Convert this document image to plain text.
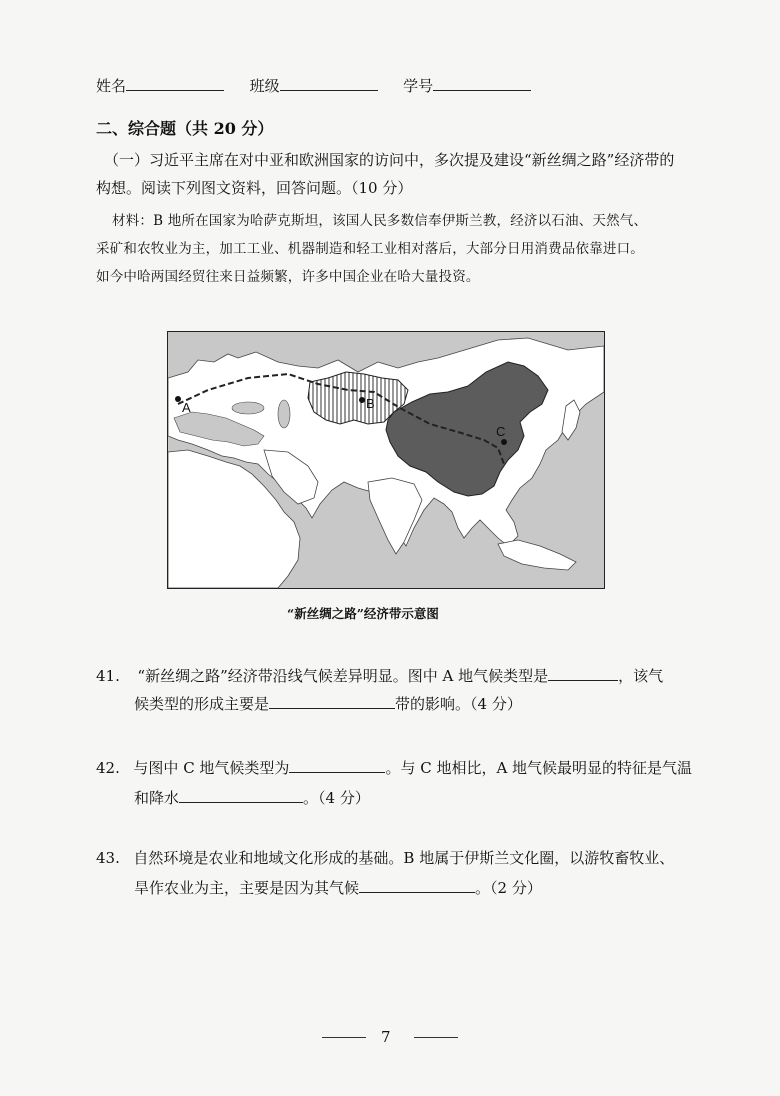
姓名	班级	学号
二、综合题（共 20 分）
（一）习近平主席在对中亚和欧洲国家的访问中，多次提及建设“新丝绸之路”经济带的
构想。阅读下列图文资料，回答问题。（10 分）
材料：B 地所在国家为哈萨克斯坦，该国人民多数信奉伊斯兰教，经济以石油、天然气、
采矿和农牧业为主，加工工业、机器制造和轻工业相对落后，大部分日用消费品依靠进口。
如今中哈两国经贸往来日益频繁，许多中国企业在哈大量投资。
A	B
C
“新丝绸之路”经济带示意图
41. “新丝绸之路”经济带沿线气候差异明显。图中 A 地气候类型是	，该气
候类型的形成主要是	带的影响。（4 分）
42. 与图中 C 地气候类型为	。与 C 地相比，A 地气候最明显的特征是气温
和降水	。（4 分）
43. 自然环境是农业和地域文化形成的基础。B 地属于伊斯兰文化圈，以游牧畜牧业、
旱作农业为主，主要是因为其气候	。（2 分）
7
